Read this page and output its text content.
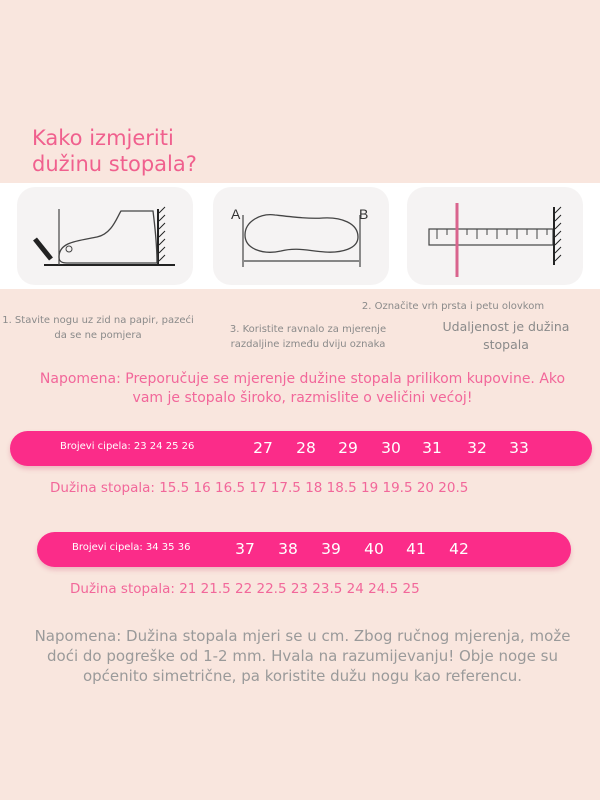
Kako izmjeriti dužinu stopala?
A	B
1. Stavite nogu uz zid na papir, pazeći da se ne pomjera
2. Označite vrh prsta i petu olovkom
3. Koristite ravnalo za mjerenje razdaljine između dviju oznaka
Udaljenost je dužina stopala
Napomena: Preporučuje se mjerenje dužine stopala prilikom kupovine. Ako vam je stopalo široko, razmislite o veličini većoj!
Brojevi cipela: 23 24 25 26	27	28	29	30	31	32	33
Dužina stopala: 15.5 16 16.5 17 17.5 18 18.5 19 19.5 20 20.5
Brojevi cipela: 34 35 36	37	38	39	40	41	42
Dužina stopala: 21 21.5 22 22.5 23 23.5 24 24.5 25
Napomena: Dužina stopala mjeri se u cm. Zbog ručnog mjerenja, može doći do pogreške od 1-2 mm. Hvala na razumijevanju! Obje noge su općenito simetrične, pa koristite dužu nogu kao referencu.
